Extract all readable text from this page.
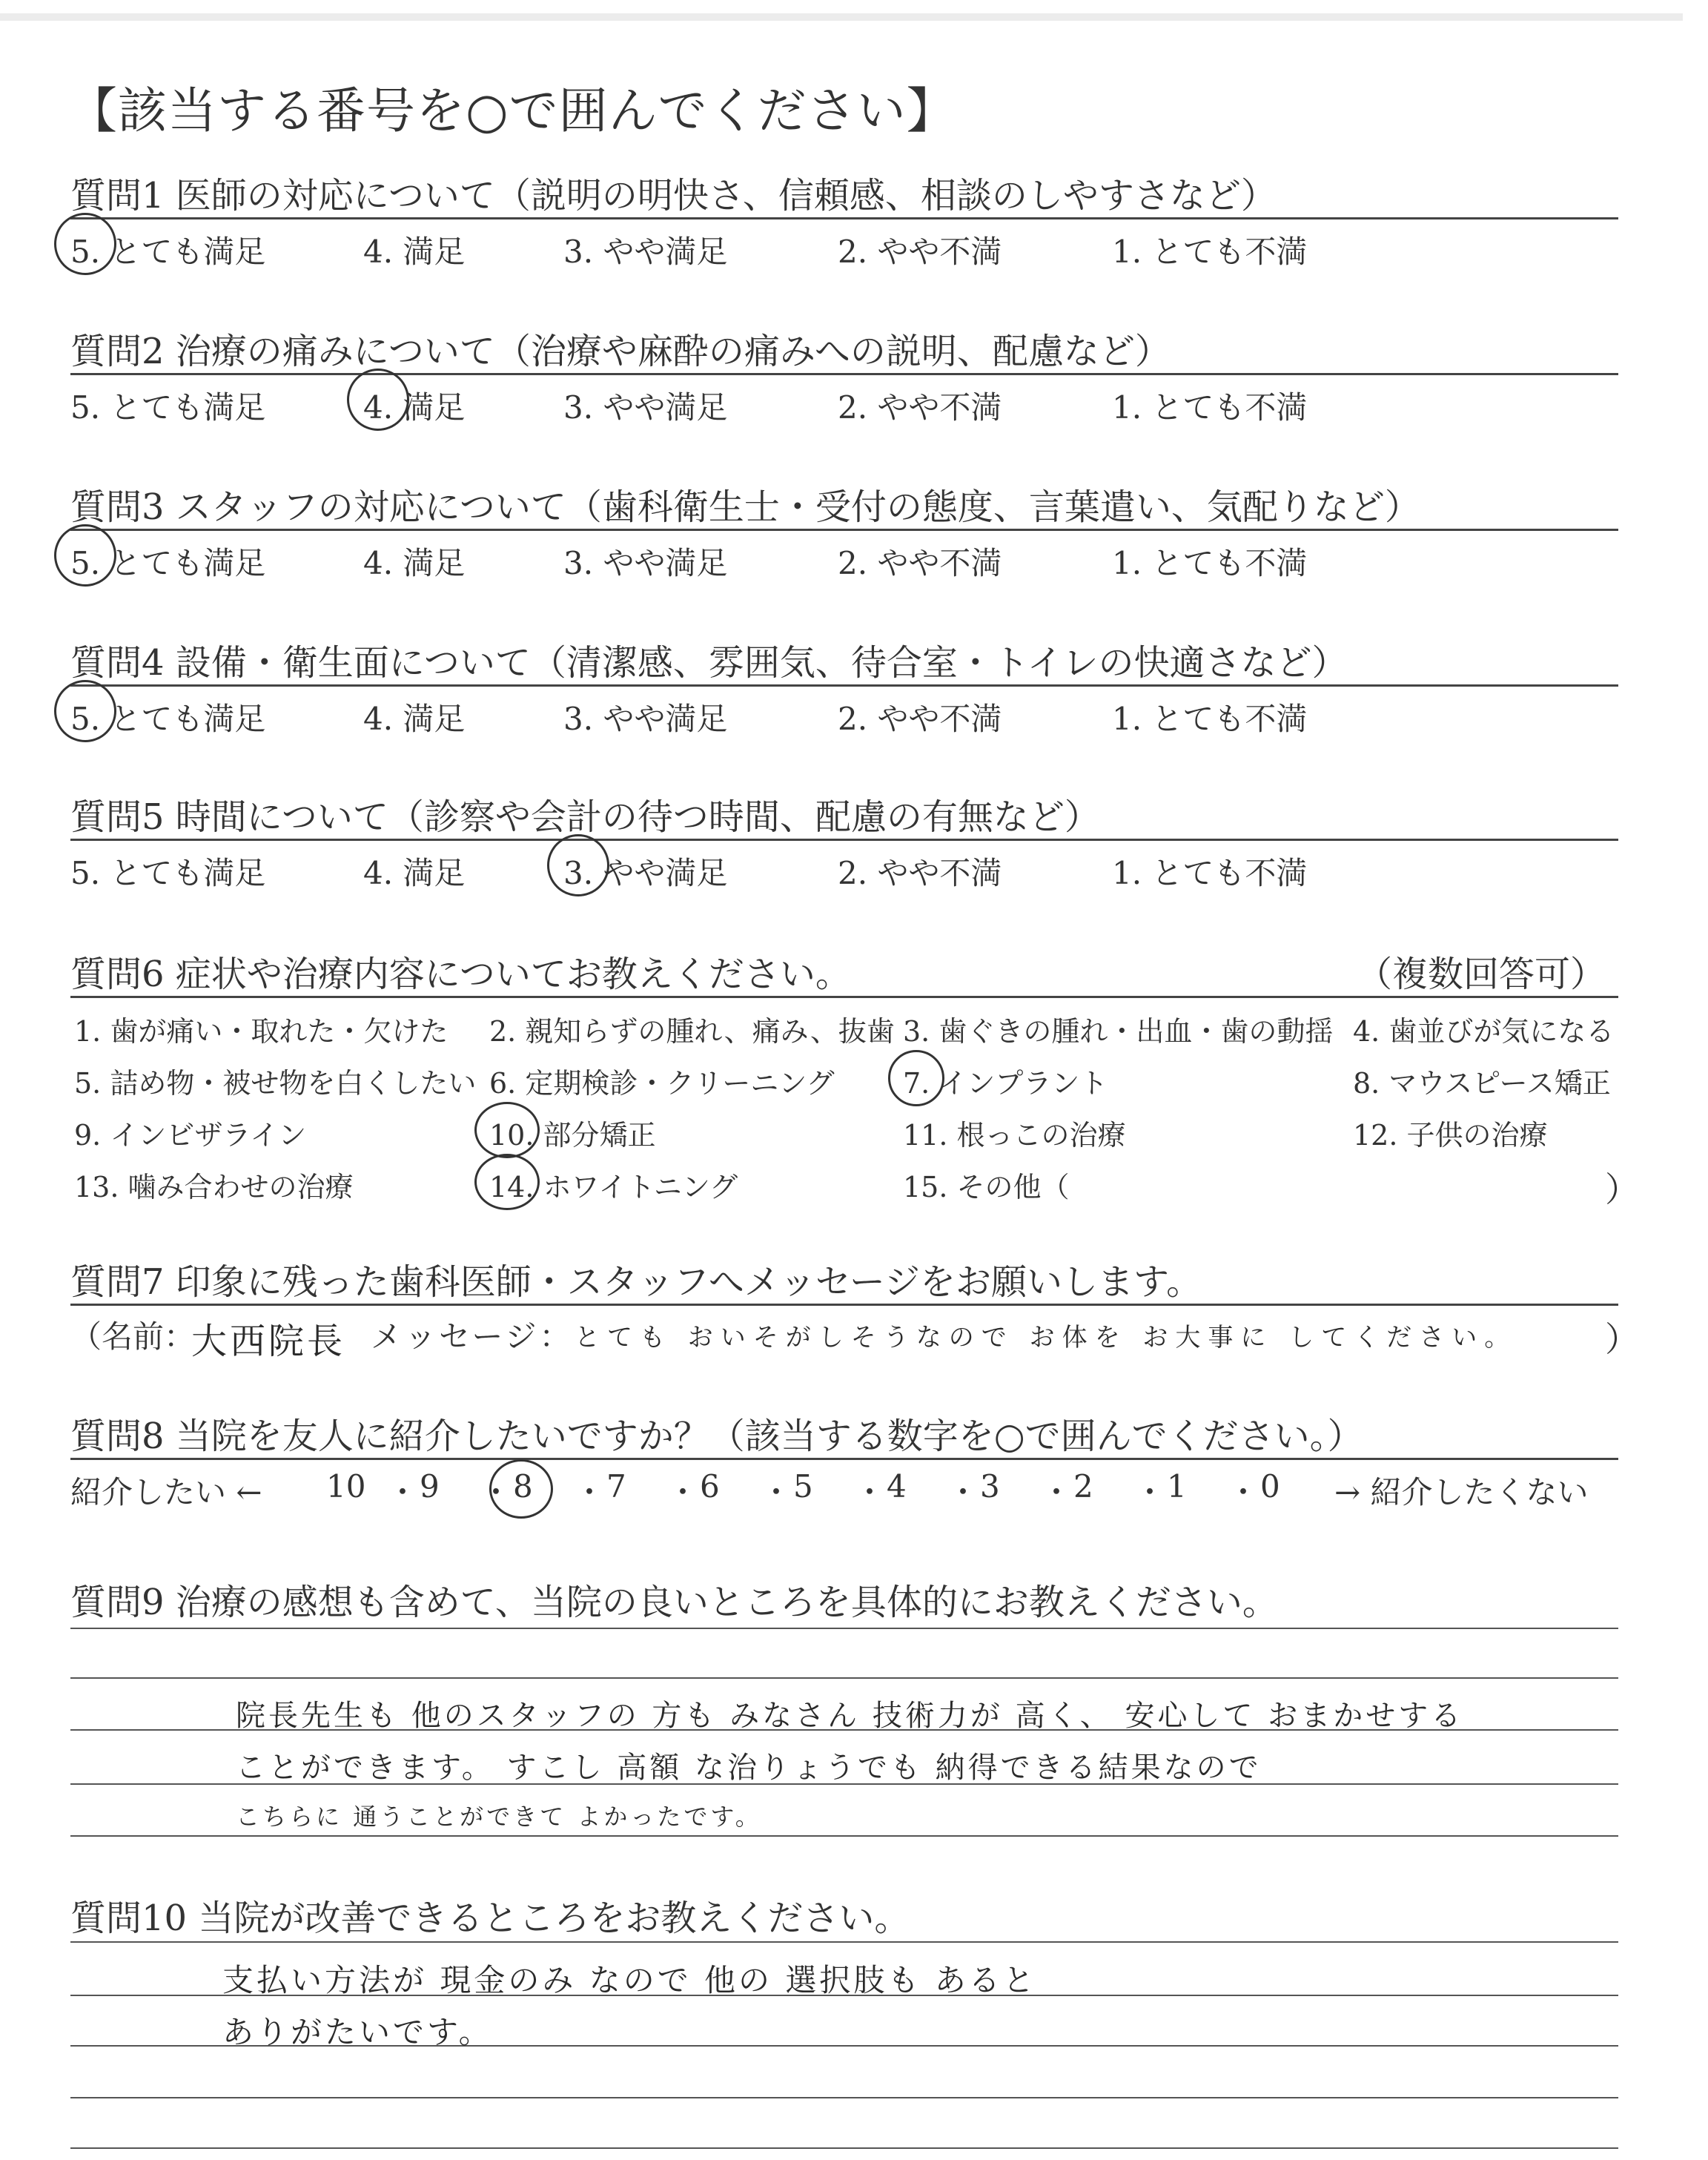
【該当する番号を○で囲んでください】
質問1 医師の対応について（説明の明快さ、信頼感、相談のしやすさなど）
5. とても満足	4. 満足	3. やや満足	2. やや不満	1. とても不満
質問2 治療の痛みについて（治療や麻酔の痛みへの説明、配慮など）
5. とても満足	4. 満足	3. やや満足	2. やや不満	1. とても不満
質問3 スタッフの対応について（歯科衛生士・受付の態度、言葉遣い、気配りなど）
5. とても満足	4. 満足	3. やや満足	2. やや不満	1. とても不満
質問4 設備・衛生面について（清潔感、雰囲気、待合室・トイレの快適さなど）
5. とても満足	4. 満足	3. やや満足	2. やや不満	1. とても不満
質問5 時間について（診察や会計の待つ時間、配慮の有無など）
5. とても満足	4. 満足	3. やや満足	2. やや不満	1. とても不満
質問6 症状や治療内容についてお教えください。	（複数回答可）
1. 歯が痛い・取れた・欠けた 2. 親知らずの腫れ、痛み、抜歯 3. 歯ぐきの腫れ・出血・歯の動揺 4. 歯並びが気になる
5. 詰め物・被せ物を白くしたい 6. 定期検診・クリーニング 7. インプラント	8. マウスピース矯正
9. インビザライン	10. 部分矯正	11. 根っこの治療	12. 子供の治療
13. 噛み合わせの治療	14. ホワイトニング	15. その他（	）
質問7 印象に残った歯科医師・スタッフへメッセージをお願いします。
（名前：
大西院長 メッセージ： とても おいそがしそうなので お体を お大事に してください。	）
質問8 当院を友人に紹介したいですか？（該当する数字を○で囲んでください。）
紹介したい ← 10 ・ 9 ・ 8 ・ 7 ・ 6 ・ 5 ・ 4 ・ 3 ・ 2 ・ 1 ・ 0 → 紹介したくない
質問9 治療の感想も含めて、当院の良いところを具体的にお教えください。
院長先生も 他のスタッフの 方も みなさん 技術力が 高く、 安心して おまかせする
ことができます。 すこし 高額 な治りょうでも 納得できる結果なので
こちらに 通うことができて よかったです。
質問10 当院が改善できるところをお教えください。
支払い方法が 現金のみ なので 他の 選択肢も あると
ありがたいです。
